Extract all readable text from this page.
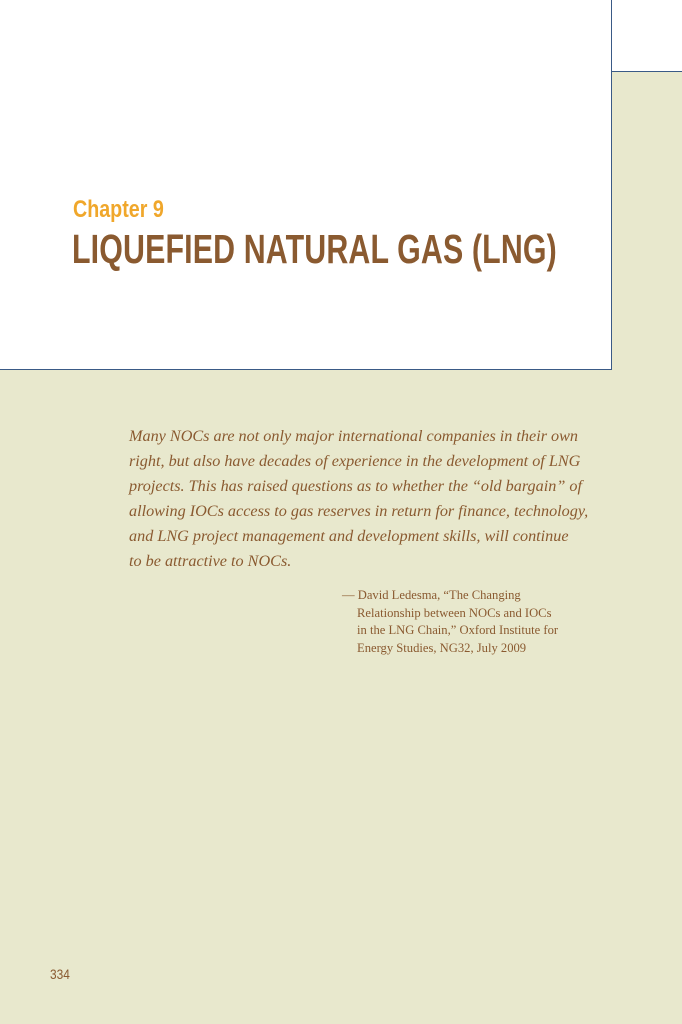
Chapter 9
LIQUEFIED NATURAL GAS (LNG)

Many NOCs are not only major international companies in their own
right, but also have decades of experience in the development of LNG
projects. This has raised questions as to whether the “old bargain” of
allowing IOCs access to gas reserves in return for finance, technology,
and LNG project management and development skills, will continue
to be attractive to NOCs.

— David Ledesma, “The Changing
Relationship between NOCs and IOCs
in the LNG Chain,” Oxford Institute for
Energy Studies, NG32, July 2009

334
